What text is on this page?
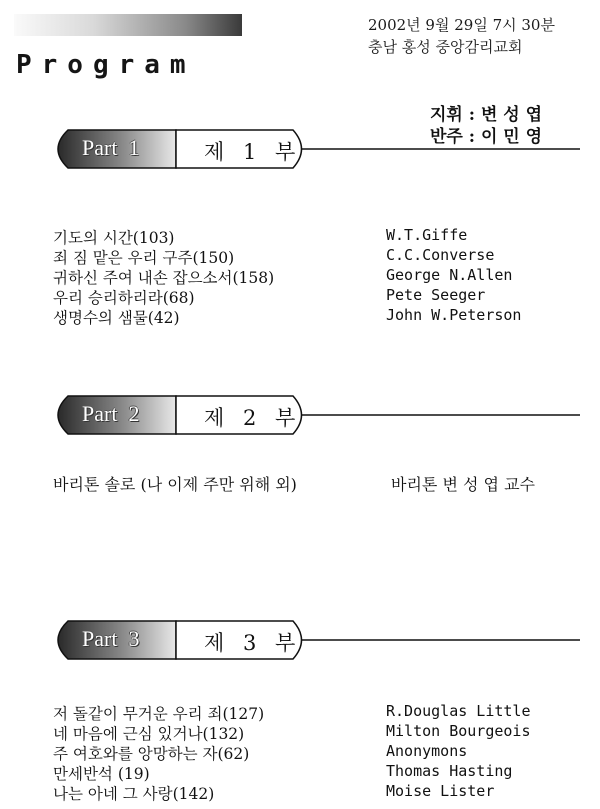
Program
2002년 9월 29일 7시 30분
충남 홍성 중앙감리교회
지휘 : 변 성 엽
반주 : 이 민 영
Part  1	제 1 부
기도의 시간(103)	W.T.Giffe
죄 짐 맡은 우리 구주(150)	C.C.Converse
귀하신 주여 내손 잡으소서(158)	George N.Allen
우리 승리하리라(68)	Pete Seeger
생명수의 샘물(42)	John W.Peterson
Part  2	제 2 부
바리톤 솔로 (나 이제 주만 위해 외)	바리톤 변 성 엽 교수
Part  3	제 3 부
저 돌같이 무거운 우리 죄(127)	R.Douglas Little
네 마음에 근심 있거나(132)	Milton Bourgeois
주 여호와를 앙망하는 자(62)	Anonymons
만세반석 (19)	Thomas Hasting
나는 아네 그 사랑(142)	Moise Lister
